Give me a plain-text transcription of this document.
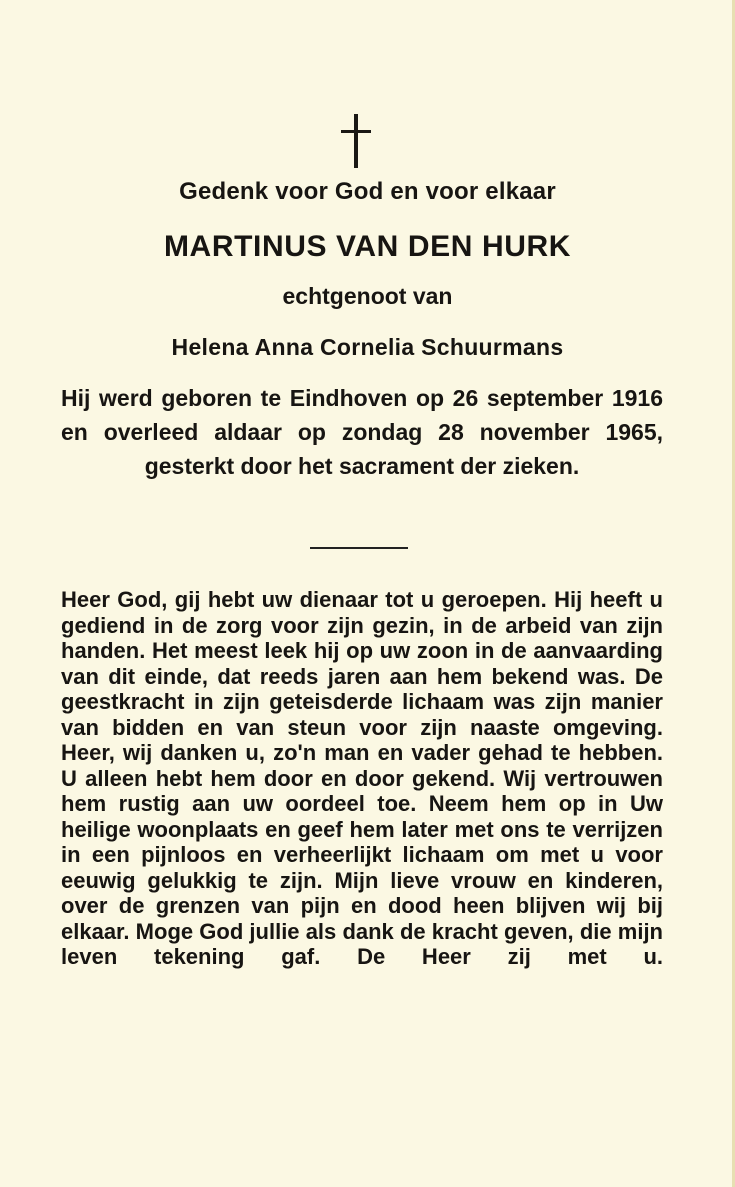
Gedenk voor God en voor elkaar
MARTINUS VAN DEN HURK
echtgenoot van
Helena Anna Cornelia Schuurmans
Hij werd geboren te Eindhoven op 26 september 1916 en overleed aldaar op zondag 28 november 1965, gesterkt door het sacrament der zieken.
Heer God, gij hebt uw dienaar tot u geroepen. Hij heeft u gediend in de zorg voor zijn gezin, in de arbeid van zijn handen. Het meest leek hij op uw zoon in de aanvaarding van dit einde, dat reeds jaren aan hem bekend was. De geestkracht in zijn geteisderde lichaam was zijn manier van bidden en van steun voor zijn naaste omgeving. Heer, wij danken u, zo'n man en vader gehad te hebben. U alleen hebt hem door en door gekend. Wij vertrouwen hem rustig aan uw oordeel toe. Neem hem op in Uw heilige woonplaats en geef hem later met ons te verrijzen in een pijnloos en verheerlijkt lichaam om met u voor eeuwig gelukkig te zijn. Mijn lieve vrouw en kinderen, over de grenzen van pijn en dood heen blijven wij bij elkaar. Moge God jullie als dank de kracht geven, die mijn leven tekening gaf. De Heer zij met u.
